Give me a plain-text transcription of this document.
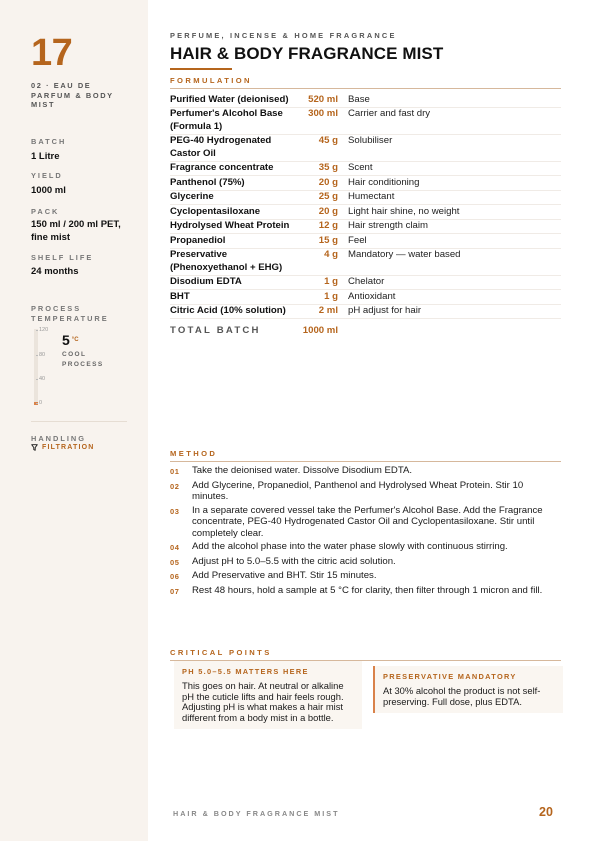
17
02 · EAU DE PARFUM & BODY MIST
BATCH
1 Litre
YIELD
1000 ml
PACK
150 ml / 200 ml PET, fine mist
SHELF LIFE
24 months
PROCESS TEMPERATURE
120
80
40
0
5 $^{^\circ C}$
COOL PROCESS
HANDLING
FILTRATION
PERFUME, INCENSE & HOME FRAGRANCE
HAIR & BODY FRAGRANCE MIST
FORMULATION
Purified Water (deionised)	520 ml	Base
Perfumer's Alcohol Base (Formula 1)	300 ml	Carrier and fast dry
PEG-40 Hydrogenated Castor Oil	45 g	Solubiliser
Fragrance concentrate	35 g	Scent
Panthenol (75%)	20 g	Hair conditioning
Glycerine	25 g	Humectant
Cyclopentasiloxane	20 g	Light hair shine, no weight
Hydrolysed Wheat Protein	12 g	Hair strength claim
Propanediol	15 g	Feel
Preservative (Phenoxyethanol + EHG)	4 g	Mandatory — water based
Disodium EDTA	1 g	Chelator
BHT	1 g	Antioxidant
Citric Acid (10% solution)	2 ml	pH adjust for hair
TOTAL BATCH	1000 ml	
METHOD
01	Take the deionised water. Dissolve Disodium EDTA.
02	Add Glycerine, Propanediol, Panthenol and Hydrolysed Wheat Protein. Stir 10 minutes.
03	In a separate covered vessel take the Perfumer's Alcohol Base. Add the Fragrance concentrate, PEG-40 Hydrogenated Castor Oil and Cyclopentasiloxane. Stir until completely clear.
04	Add the alcohol phase into the water phase slowly with continuous stirring.
05	Adjust pH to 5.0–5.5 with the citric acid solution.
06	Add Preservative and BHT. Stir 15 minutes.
07	Rest 48 hours, hold a sample at 5 °C for clarity, then filter through 1 micron and fill.
CRITICAL POINTS
PH 5.0–5.5 MATTERS HERE
This goes on hair. At neutral or alkaline pH the cuticle lifts and hair feels rough. Adjusting pH is what makes a hair mist different from a body mist in a bottle.
PRESERVATIVE MANDATORY
At 30% alcohol the product is not self-preserving. Full dose, plus EDTA.
HAIR & BODY FRAGRANCE MIST	20
